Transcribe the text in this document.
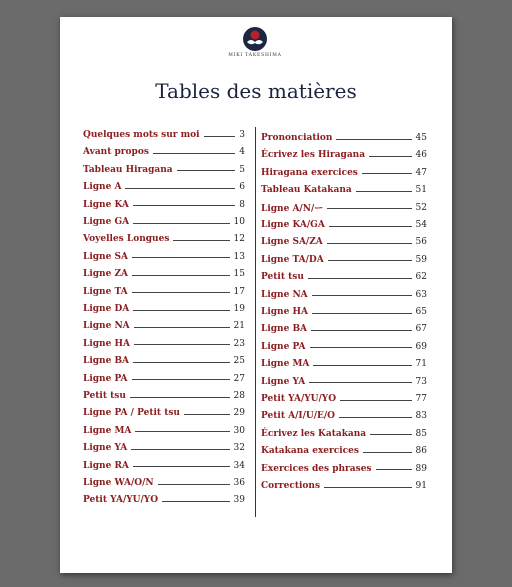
MIKI TAKESHIMA
Tables des matières
Quelques mots sur moi	3
Avant propos	4
Tableau Hiragana	5
Ligne A	6
Ligne KA	8
Ligne GA	10
Voyelles Longues	12
Ligne SA	13
Ligne ZA	15
Ligne TA	17
Ligne DA	19
Ligne NA	21
Ligne HA	23
Ligne BA	25
Ligne PA	27
Petit tsu	28
Ligne PA / Petit tsu	29
Ligne MA	30
Ligne YA	32
Ligne RA	34
Ligne WA/O/N	36
Petit YA/YU/YO	39
Prononciation	45
Écrivez les Hiragana	46
Hiragana exercices	47
Tableau Katakana	51
Ligne A/N/ー	52
Ligne KA/GA	54
Ligne SA/ZA	56
Ligne TA/DA	59
Petit tsu	62
Ligne NA	63
Ligne HA	65
Ligne BA	67
Ligne PA	69
Ligne MA	71
Ligne YA	73
Petit YA/YU/YO	77
Petit A/I/U/E/O	83
Écrivez les Katakana	85
Katakana exercices	86
Exercices des phrases	89
Corrections	91
